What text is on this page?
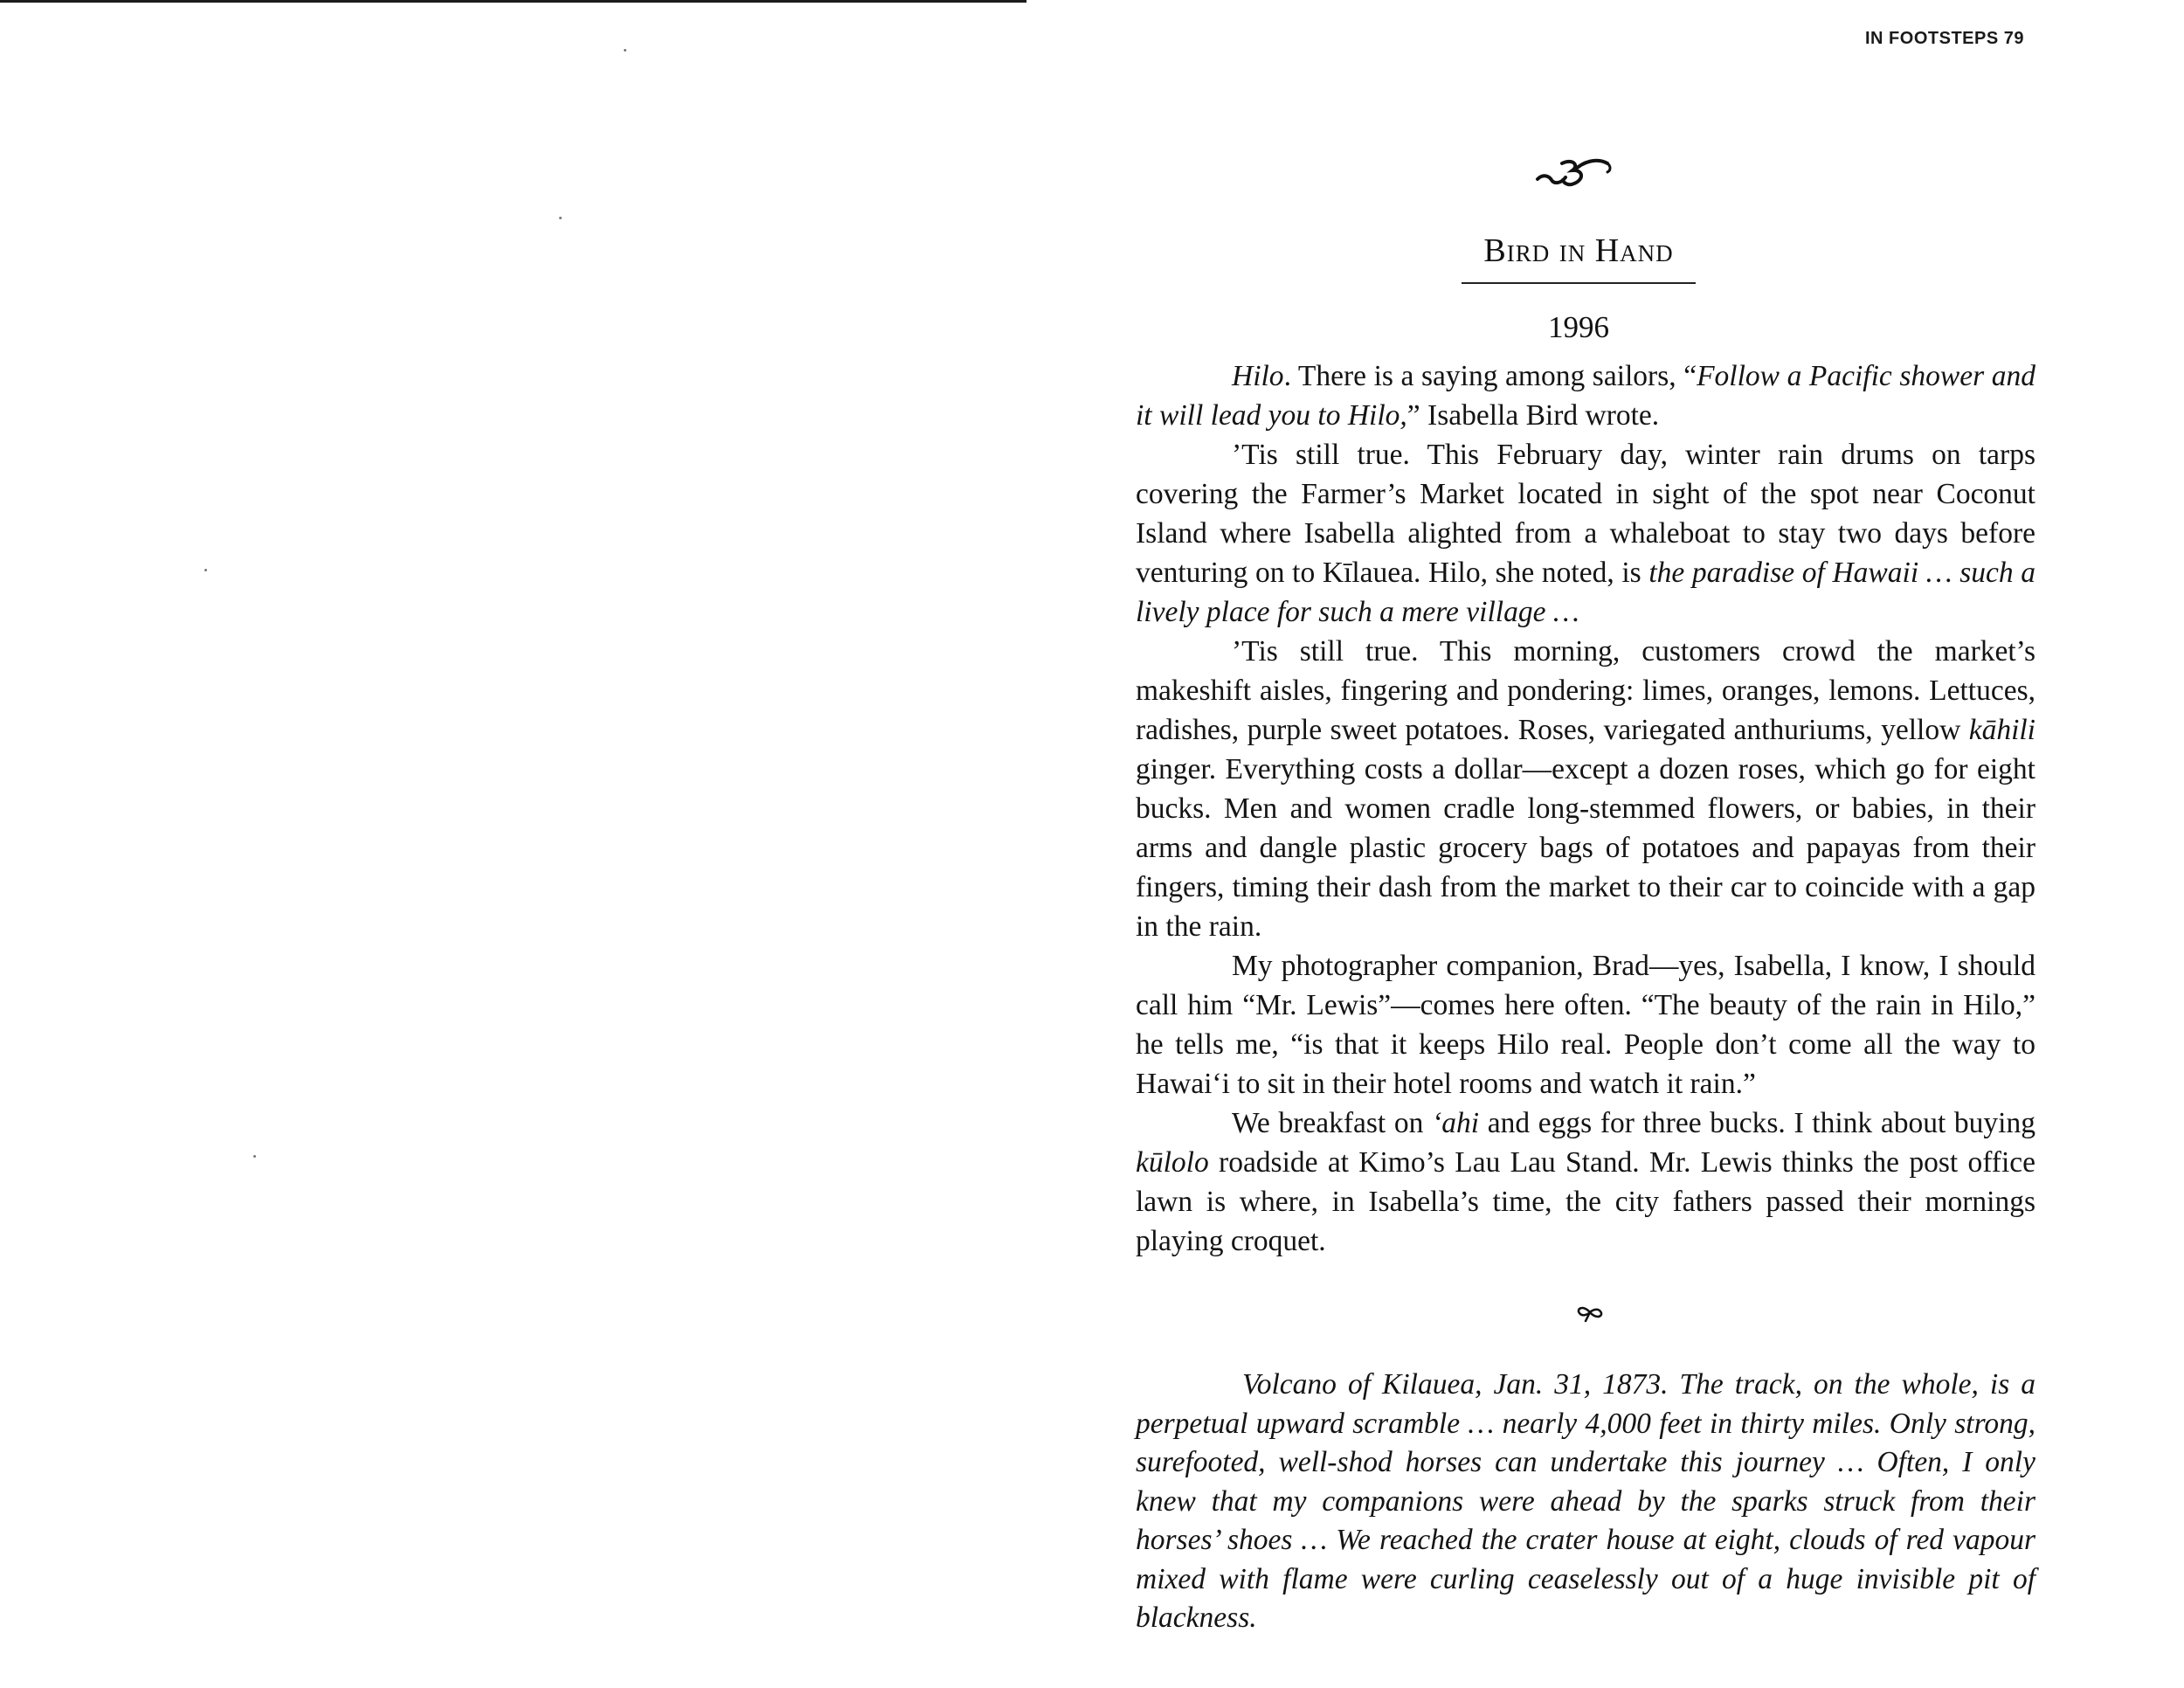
IN FOOTSTEPS 79
Bird in Hand
1996

Hilo. There is a saying among sailors, “Follow a Pacific shower and it will lead you to Hilo,” Isabella Bird wrote.

’Tis still true. This February day, winter rain drums on tarps covering the Farmer’s Market located in sight of the spot near Coconut Island where Isabella alighted from a whaleboat to stay two days before venturing on to Kīlauea. Hilo, she noted, is the paradise of Hawaii … such a lively place for such a mere village …

’Tis still true. This morning, customers crowd the market’s makeshift aisles, fingering and pondering: limes, oranges, lemons. Lettuces, radishes, purple sweet potatoes. Roses, variegated anthuriums, yellow kāhili ginger. Everything costs a dollar—except a dozen roses, which go for eight bucks. Men and women cradle long-stemmed flowers, or babies, in their arms and dangle plastic grocery bags of potatoes and papayas from their fingers, timing their dash from the market to their car to coincide with a gap in the rain.

My photographer companion, Brad—yes, Isabella, I know, I should call him “Mr. Lewis”—comes here often. “The beauty of the rain in Hilo,” he tells me, “is that it keeps Hilo real. People don’t come all the way to Hawai‘i to sit in their hotel rooms and watch it rain.”

We breakfast on ‘ahi and eggs for three bucks. I think about buying kūlolo roadside at Kimo’s Lau Lau Stand. Mr. Lewis thinks the post office lawn is where, in Isabella’s time, the city fathers passed their mornings playing croquet.

Volcano of Kilauea, Jan. 31, 1873. The track, on the whole, is a perpetual upward scramble … nearly 4,000 feet in thirty miles. Only strong, surefooted, well-shod horses can undertake this journey … Often, I only knew that my companions were ahead by the sparks struck from their horses’ shoes … We reached the crater house at eight, clouds of red vapour mixed with flame were curling ceaselessly out of a huge invisible pit of blackness.
